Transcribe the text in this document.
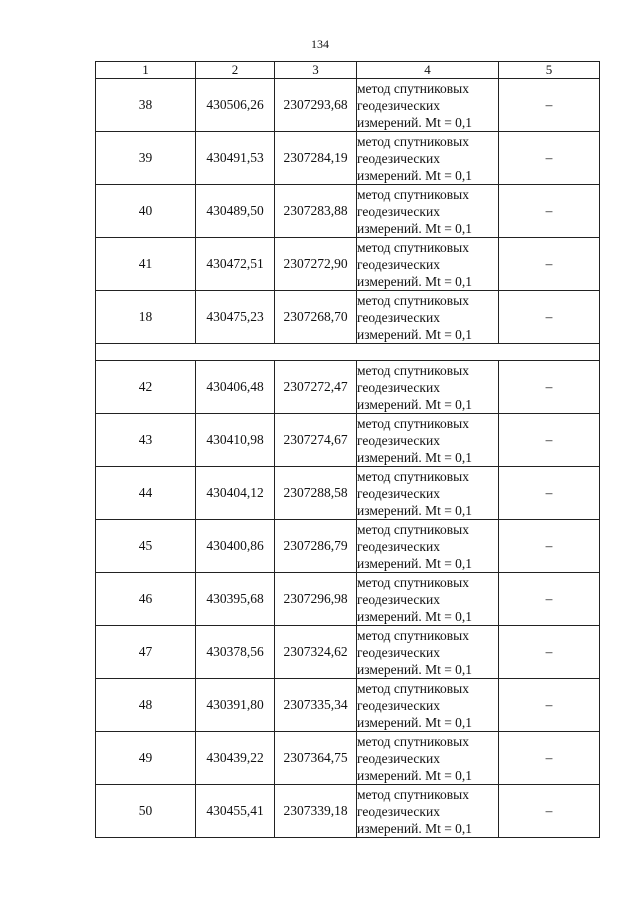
134
1	2	3	4	5
38	430506,26	2307293,68	метод спутниковых
геодезических
измерений. Mt = 0,1	–
39	430491,53	2307284,19	метод спутниковых
геодезических
измерений. Mt = 0,1	–
40	430489,50	2307283,88	метод спутниковых
геодезических
измерений. Mt = 0,1	–
41	430472,51	2307272,90	метод спутниковых
геодезических
измерений. Mt = 0,1	–
18	430475,23	2307268,70	метод спутниковых
геодезических
измерений. Mt = 0,1	–

42	430406,48	2307272,47	метод спутниковых
геодезических
измерений. Mt = 0,1	–
43	430410,98	2307274,67	метод спутниковых
геодезических
измерений. Mt = 0,1	–
44	430404,12	2307288,58	метод спутниковых
геодезических
измерений. Mt = 0,1	–
45	430400,86	2307286,79	метод спутниковых
геодезических
измерений. Mt = 0,1	–
46	430395,68	2307296,98	метод спутниковых
геодезических
измерений. Mt = 0,1	–
47	430378,56	2307324,62	метод спутниковых
геодезических
измерений. Mt = 0,1	–
48	430391,80	2307335,34	метод спутниковых
геодезических
измерений. Mt = 0,1	–
49	430439,22	2307364,75	метод спутниковых
геодезических
измерений. Mt = 0,1	–
50	430455,41	2307339,18	метод спутниковых
геодезических
измерений. Mt = 0,1	–
